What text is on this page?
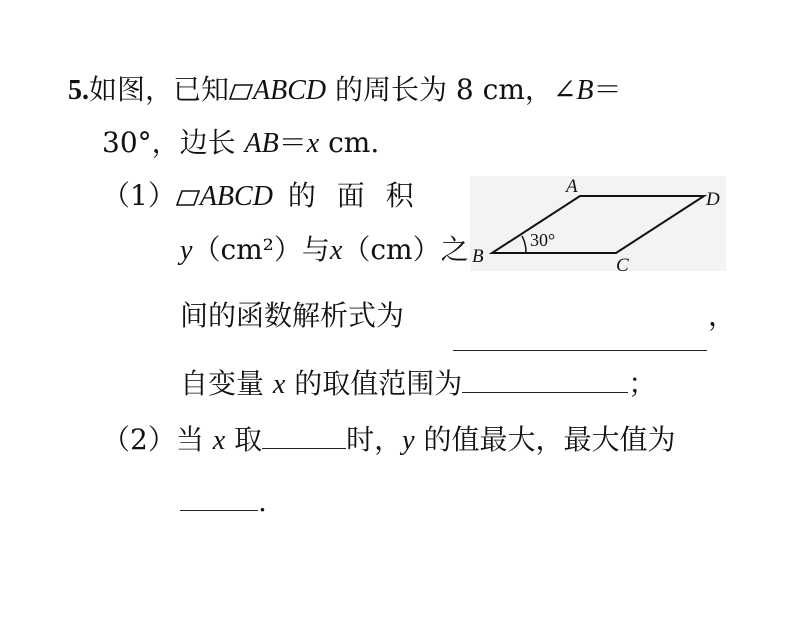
5.如图，已知 ABCD 的周长为 8 cm，∠B＝
30°，边长 AB＝x cm.
（1） ABCD 的 面 积
y（cm²）与x（cm）之
间的函数解析式为	，
自变量 x 的取值范围为	；
（2）当 x 取	时，y 的值最大，最大值为
.
A
B	C
D
30°
